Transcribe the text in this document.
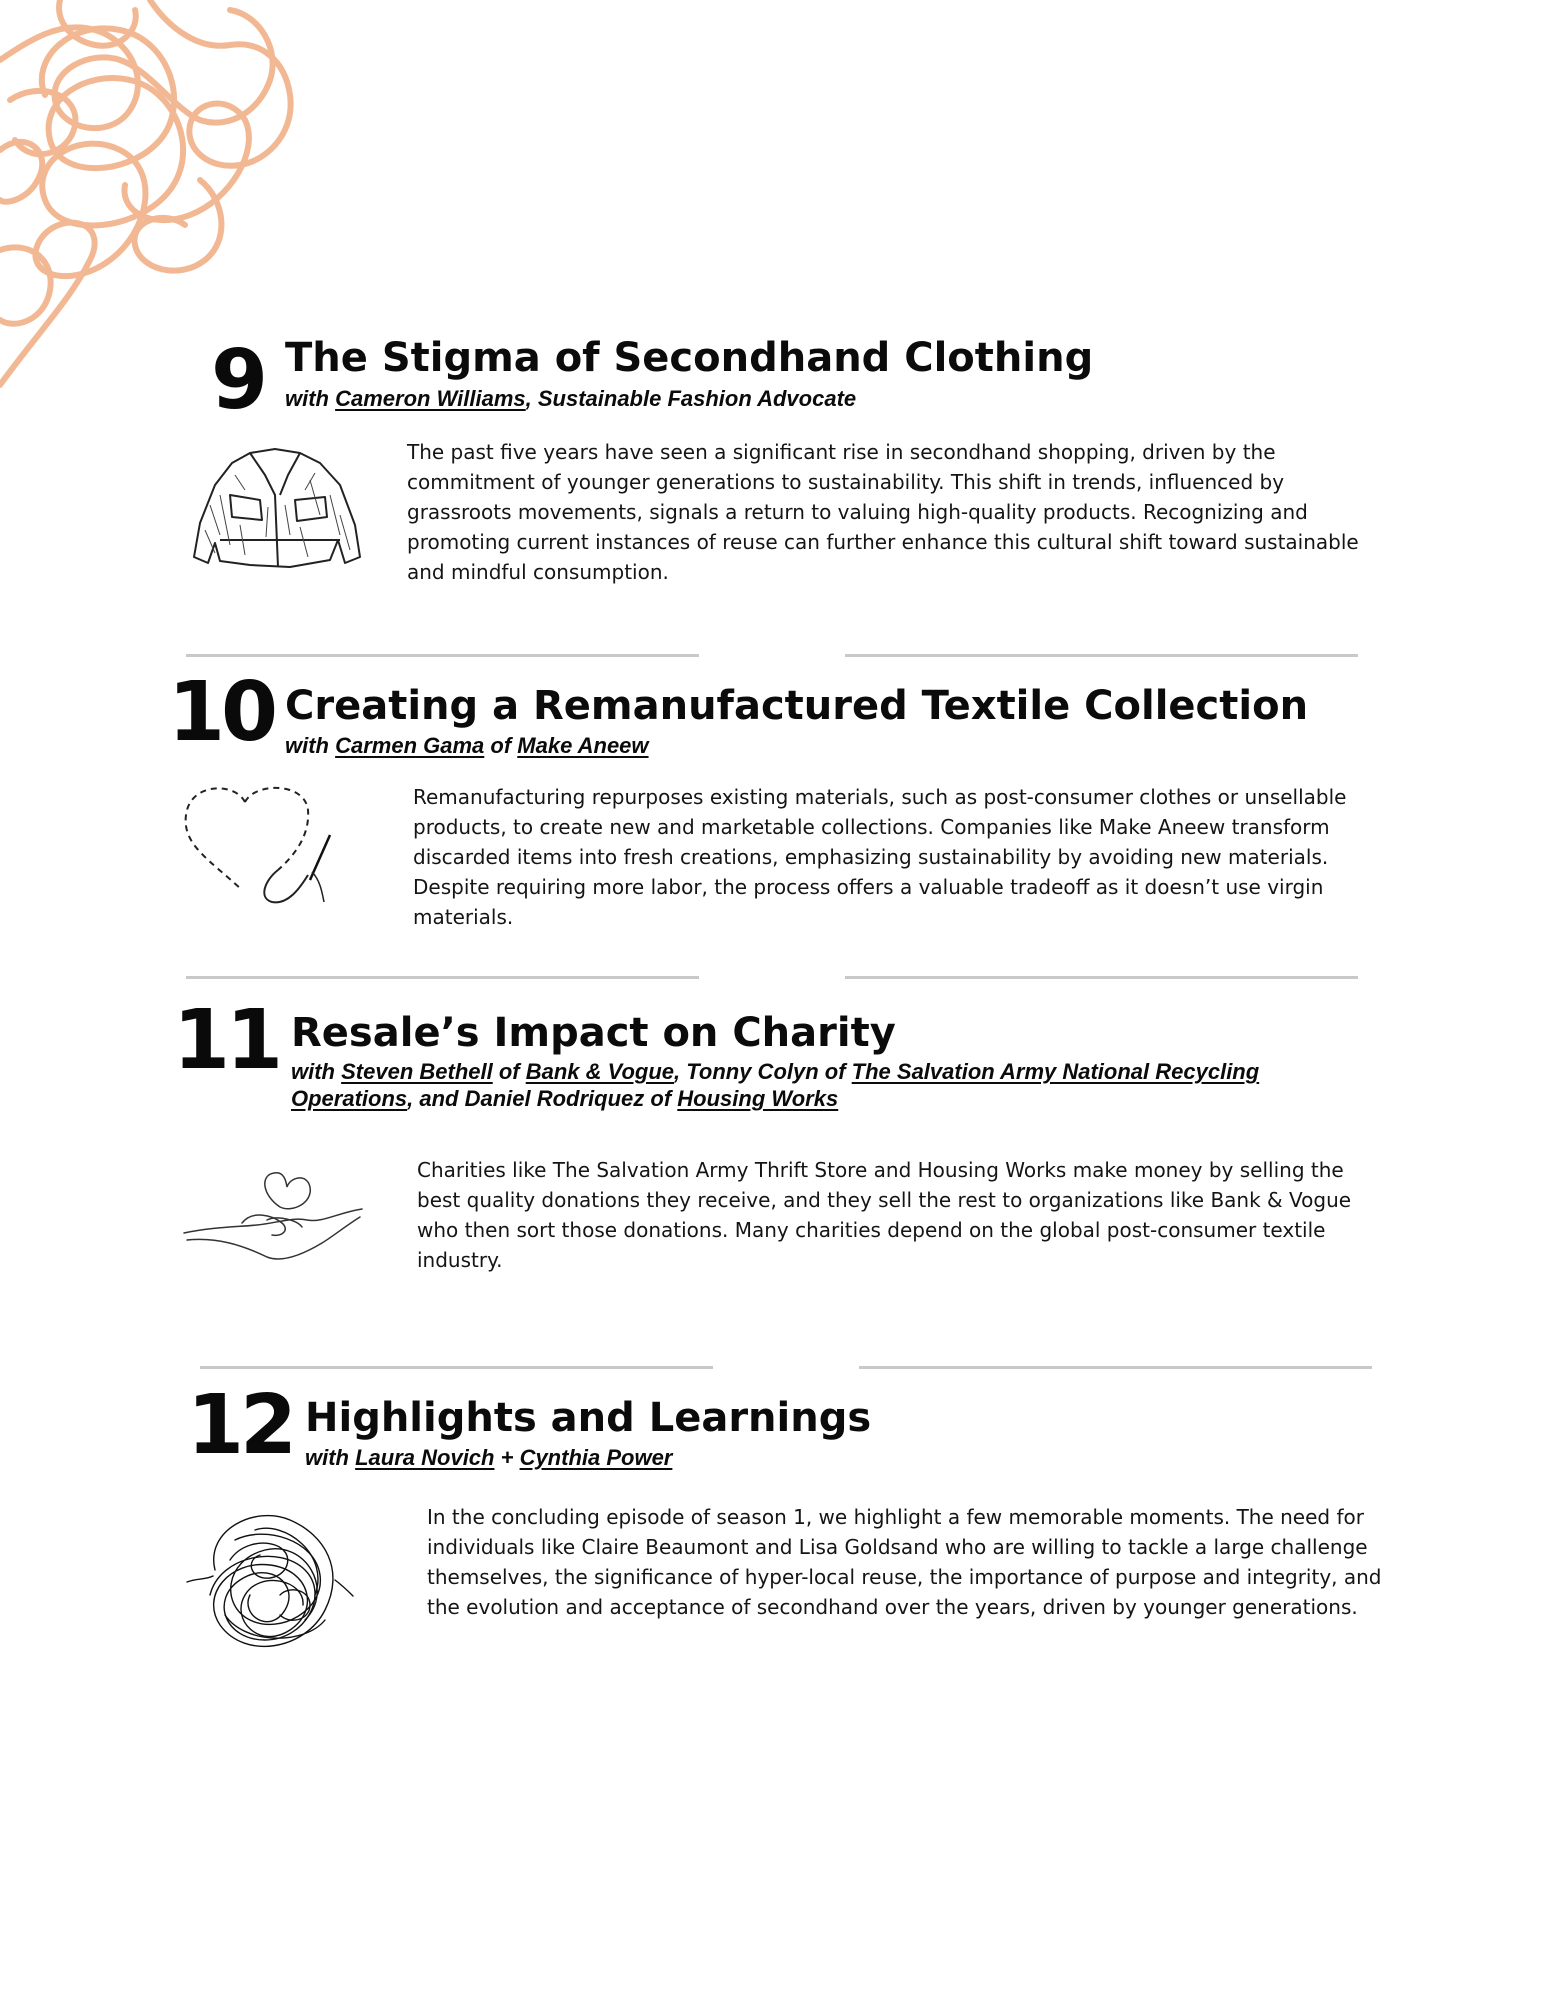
9 The Stigma of Secondhand Clothing
with Cameron Williams, Sustainable Fashion Advocate
The past five years have seen a significant rise in secondhand shopping, driven by the commitment of younger generations to sustainability. This shift in trends, influenced by grassroots movements, signals a return to valuing high-quality products. Recognizing and promoting current instances of reuse can further enhance this cultural shift toward sustainable and mindful consumption.
10 Creating a Remanufactured Textile Collection
with Carmen Gama of Make Aneew
Remanufacturing repurposes existing materials, such as post-consumer clothes or unsellable products, to create new and marketable collections. Companies like Make Aneew transform discarded items into fresh creations, emphasizing sustainability by avoiding new materials. Despite requiring more labor, the process offers a valuable tradeoff as it doesn’t use virgin materials.
11 Resale’s Impact on Charity
with Steven Bethell of Bank & Vogue, Tonny Colyn of The Salvation Army National Recycling Operations, and Daniel Rodriquez of Housing Works
Charities like The Salvation Army Thrift Store and Housing Works make money by selling the best quality donations they receive, and they sell the rest to organizations like Bank & Vogue who then sort those donations. Many charities depend on the global post-consumer textile industry.
12 Highlights and Learnings
with Laura Novich + Cynthia Power
In the concluding episode of season 1, we highlight a few memorable moments. The need for individuals like Claire Beaumont and Lisa Goldsand who are willing to tackle a large challenge themselves, the significance of hyper-local reuse, the importance of purpose and integrity, and the evolution and acceptance of secondhand over the years, driven by younger generations.
